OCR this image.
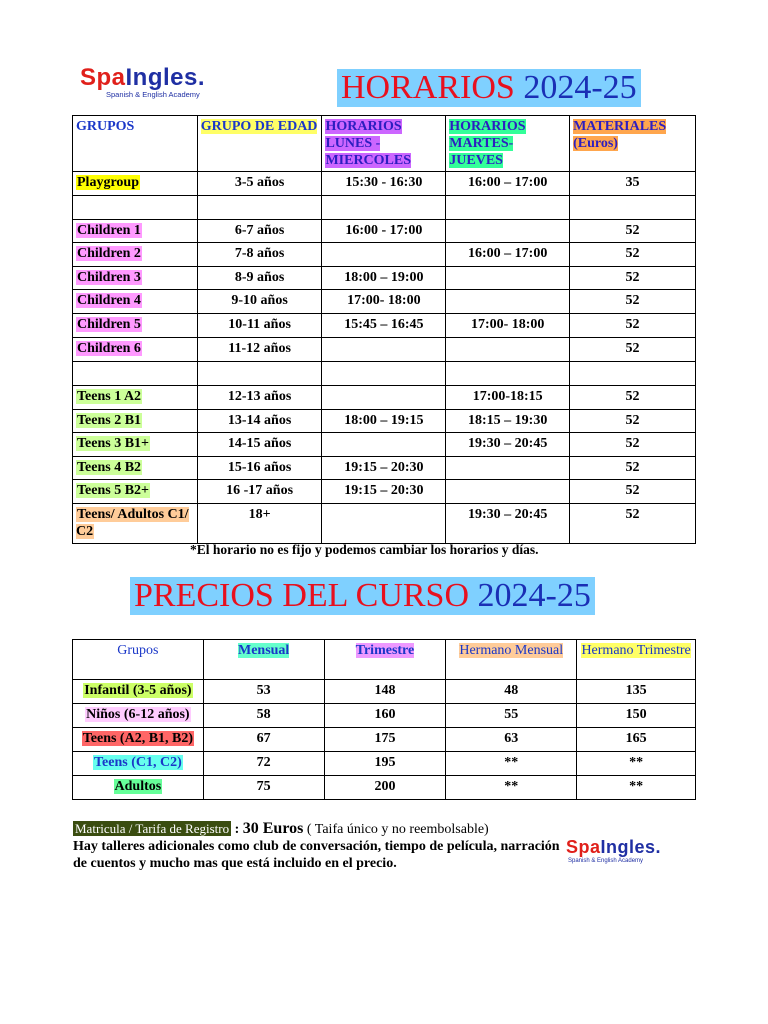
SpaIngles.
Spanish & English Academy	HORARIOS 2024-25
GRUPOS	GRUPO DE EDAD	HORARIOS LUNES - MIERCOLES	HORARIOS MARTES-JUEVES	MATERIALES (Euros)
Playgroup	3-5 años	15:30 - 16:30	16:00 – 17:00	35

Children 1	6-7 años	16:00 - 17:00		52
Children 2	7-8 años		16:00 – 17:00	52
Children 3	8-9 años	18:00 – 19:00		52
Children 4	9-10 años	17:00- 18:00		52
Children 5	10-11 años	15:45 – 16:45	17:00- 18:00	52
Children 6	11-12 años			52

Teens 1 A2	12-13 años		17:00-18:15	52
Teens 2 B1	13-14 años	18:00 – 19:15	18:15 – 19:30	52
Teens 3 B1+	14-15 años		19:30 – 20:45	52
Teens 4 B2	15-16 años	19:15 – 20:30		52
Teens 5 B2+	16 -17 años	19:15 – 20:30		52
Teens/ Adultos C1/ C2	18+		19:30 – 20:45	52
*El horario no es fijo y podemos cambiar los horarios y días.
PRECIOS DEL CURSO 2024-25
Grupos	Mensual	Trimestre	Hermano Mensual	Hermano Trimestre
Infantil (3-5 años)	53	148	48	135
Niños (6-12 años)	58	160	55	150
Teens (A2, B1, B2)	67	175	63	165
Teens (C1, C2)	72	195	**	**
Adultos	75	200	**	**
Matricula / Tarifa de Registro : 30 Euros ( Taifa único y no reembolsable)
Hay talleres adicionales como club de conversación, tiempo de película, narración de cuentos y mucho mas que está incluido en el precio.
SpaIngles.
Spanish & English Academy
